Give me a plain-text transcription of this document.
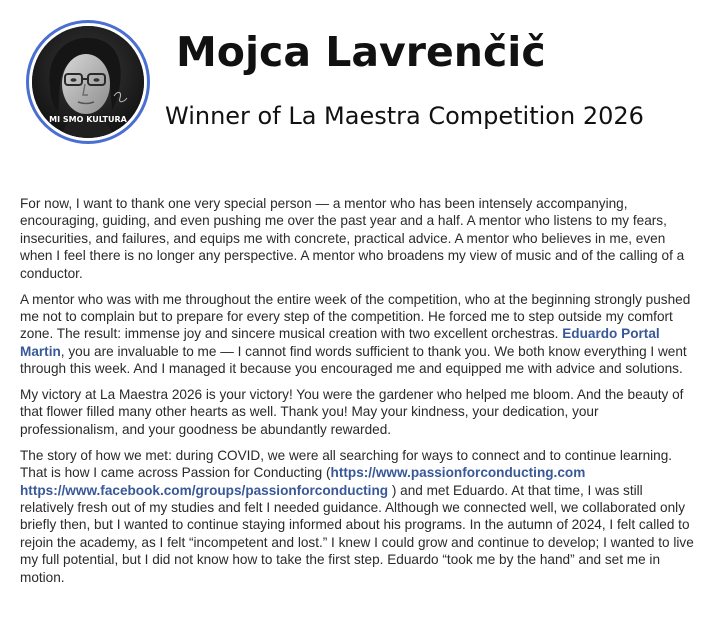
MI SMO KULTURA
Mojca Lavrenčič
Winner of La Maestra Competition 2026

For now, I want to thank one very special person — a mentor who has been intensely accompanying, encouraging, guiding, and even pushing me over the past year and a half. A mentor who listens to my fears, insecurities, and failures, and equips me with concrete, practical advice. A mentor who believes in me, even when I feel there is no longer any perspective. A mentor who broadens my view of music and of the calling of a conductor.

A mentor who was with me throughout the entire week of the competition, who at the beginning strongly pushed me not to complain but to prepare for every step of the competition. He forced me to step outside my comfort zone. The result: immense joy and sincere musical creation with two excellent orchestras. Eduardo Portal Martin, you are invaluable to me — I cannot find words sufficient to thank you. We both know everything I went through this week. And I managed it because you encouraged me and equipped me with advice and solutions.

My victory at La Maestra 2026 is your victory! You were the gardener who helped me bloom. And the beauty of that flower filled many other hearts as well. Thank you! May your kindness, your dedication, your professionalism, and your goodness be abundantly rewarded.

The story of how we met: during COVID, we were all searching for ways to connect and to continue learning. That is how I came across Passion for Conducting (https://www.passionforconducting.com https://www.facebook.com/groups/passionforconducting ) and met Eduardo. At that time, I was still relatively fresh out of my studies and felt I needed guidance. Although we connected well, we collaborated only briefly then, but I wanted to continue staying informed about his programs. In the autumn of 2024, I felt called to rejoin the academy, as I felt “incompetent and lost.” I knew I could grow and continue to develop; I wanted to live my full potential, but I did not know how to take the first step. Eduardo “took me by the hand” and set me in motion.
